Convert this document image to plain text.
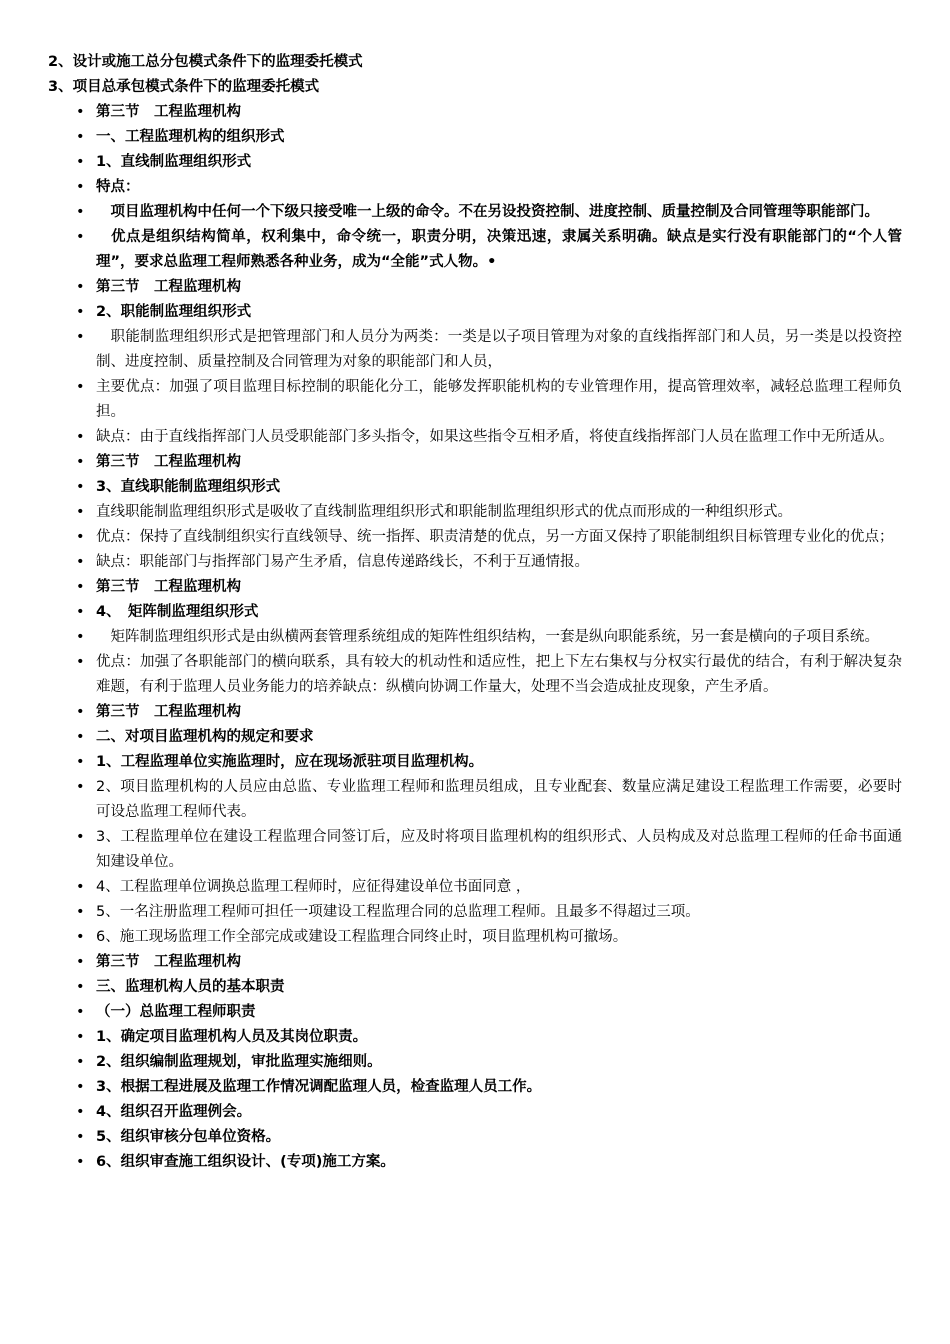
2、设计或施工总分包模式条件下的监理委托模式
3、项目总承包模式条件下的监理委托模式
• 第三节　工程监理机构
• 一、工程监理机构的组织形式
• 1、直线制监理组织形式
• 特点：
• 　项目监理机构中任何一个下级只接受唯一上级的命令。不在另设投资控制、进度控制、质量控制及合同管理等职能部门。
• 　优点是组织结构简单，权利集中，命令统一，职责分明，决策迅速，隶属关系明确。缺点是实行没有职能部门的“个人管理”，要求总监理工程师熟悉各种业务，成为“全能”式人物。•
• 第三节　工程监理机构
• 2、职能制监理组织形式
• 　职能制监理组织形式是把管理部门和人员分为两类：一类是以子项目管理为对象的直线指挥部门和人员，另一类是以投资控制、进度控制、质量控制及合同管理为对象的职能部门和人员，
• 主要优点：加强了项目监理目标控制的职能化分工，能够发挥职能机构的专业管理作用，提高管理效率，减轻总监理工程师负担。
• 缺点：由于直线指挥部门人员受职能部门多头指令，如果这些指令互相矛盾，将使直线指挥部门人员在监理工作中无所适从。
• 第三节　工程监理机构
• 3、直线职能制监理组织形式
• 直线职能制监理组织形式是吸收了直线制监理组织形式和职能制监理组织形式的优点而形成的一种组织形式。
• 优点：保持了直线制组织实行直线领导、统一指挥、职责清楚的优点，另一方面又保持了职能制组织目标管理专业化的优点；
• 缺点：职能部门与指挥部门易产生矛盾，信息传递路线长，不利于互通情报。
• 第三节　工程监理机构
• 4、　矩阵制监理组织形式
• 　矩阵制监理组织形式是由纵横两套管理系统组成的矩阵性组织结构，一套是纵向职能系统，另一套是横向的子项目系统。
• 优点：加强了各职能部门的横向联系，具有较大的机动性和适应性，把上下左右集权与分权实行最优的结合，有利于解决复杂难题，有利于监理人员业务能力的培养缺点：纵横向协调工作量大，处理不当会造成扯皮现象，产生矛盾。
• 第三节　工程监理机构
• 二、对项目监理机构的规定和要求
• 1、工程监理单位实施监理时，应在现场派驻项目监理机构。
• 2、项目监理机构的人员应由总监、专业监理工程师和监理员组成，且专业配套、数量应满足建设工程监理工作需要，必要时可设总监理工程师代表。
• 3、工程监理单位在建设工程监理合同签订后，应及时将项目监理机构的组织形式、人员构成及对总监理工程师的任命书面通知建设单位。
• 4、工程监理单位调换总监理工程师时，应征得建设单位书面同意 ，
• 5、一名注册监理工程师可担任一项建设工程监理合同的总监理工程师。且最多不得超过三项。
• 6、施工现场监理工作全部完成或建设工程监理合同终止时，项目监理机构可撤场。
• 第三节　工程监理机构
• 三、监理机构人员的基本职责
• （一）总监理工程师职责
• 1、确定项目监理机构人员及其岗位职责。
• 2、组织编制监理规划，审批监理实施细则。
• 3、根据工程进展及监理工作情况调配监理人员，检查监理人员工作。
• 4、组织召开监理例会。
• 5、组织审核分包单位资格。
• 6、组织审查施工组织设计、(专项)施工方案。
